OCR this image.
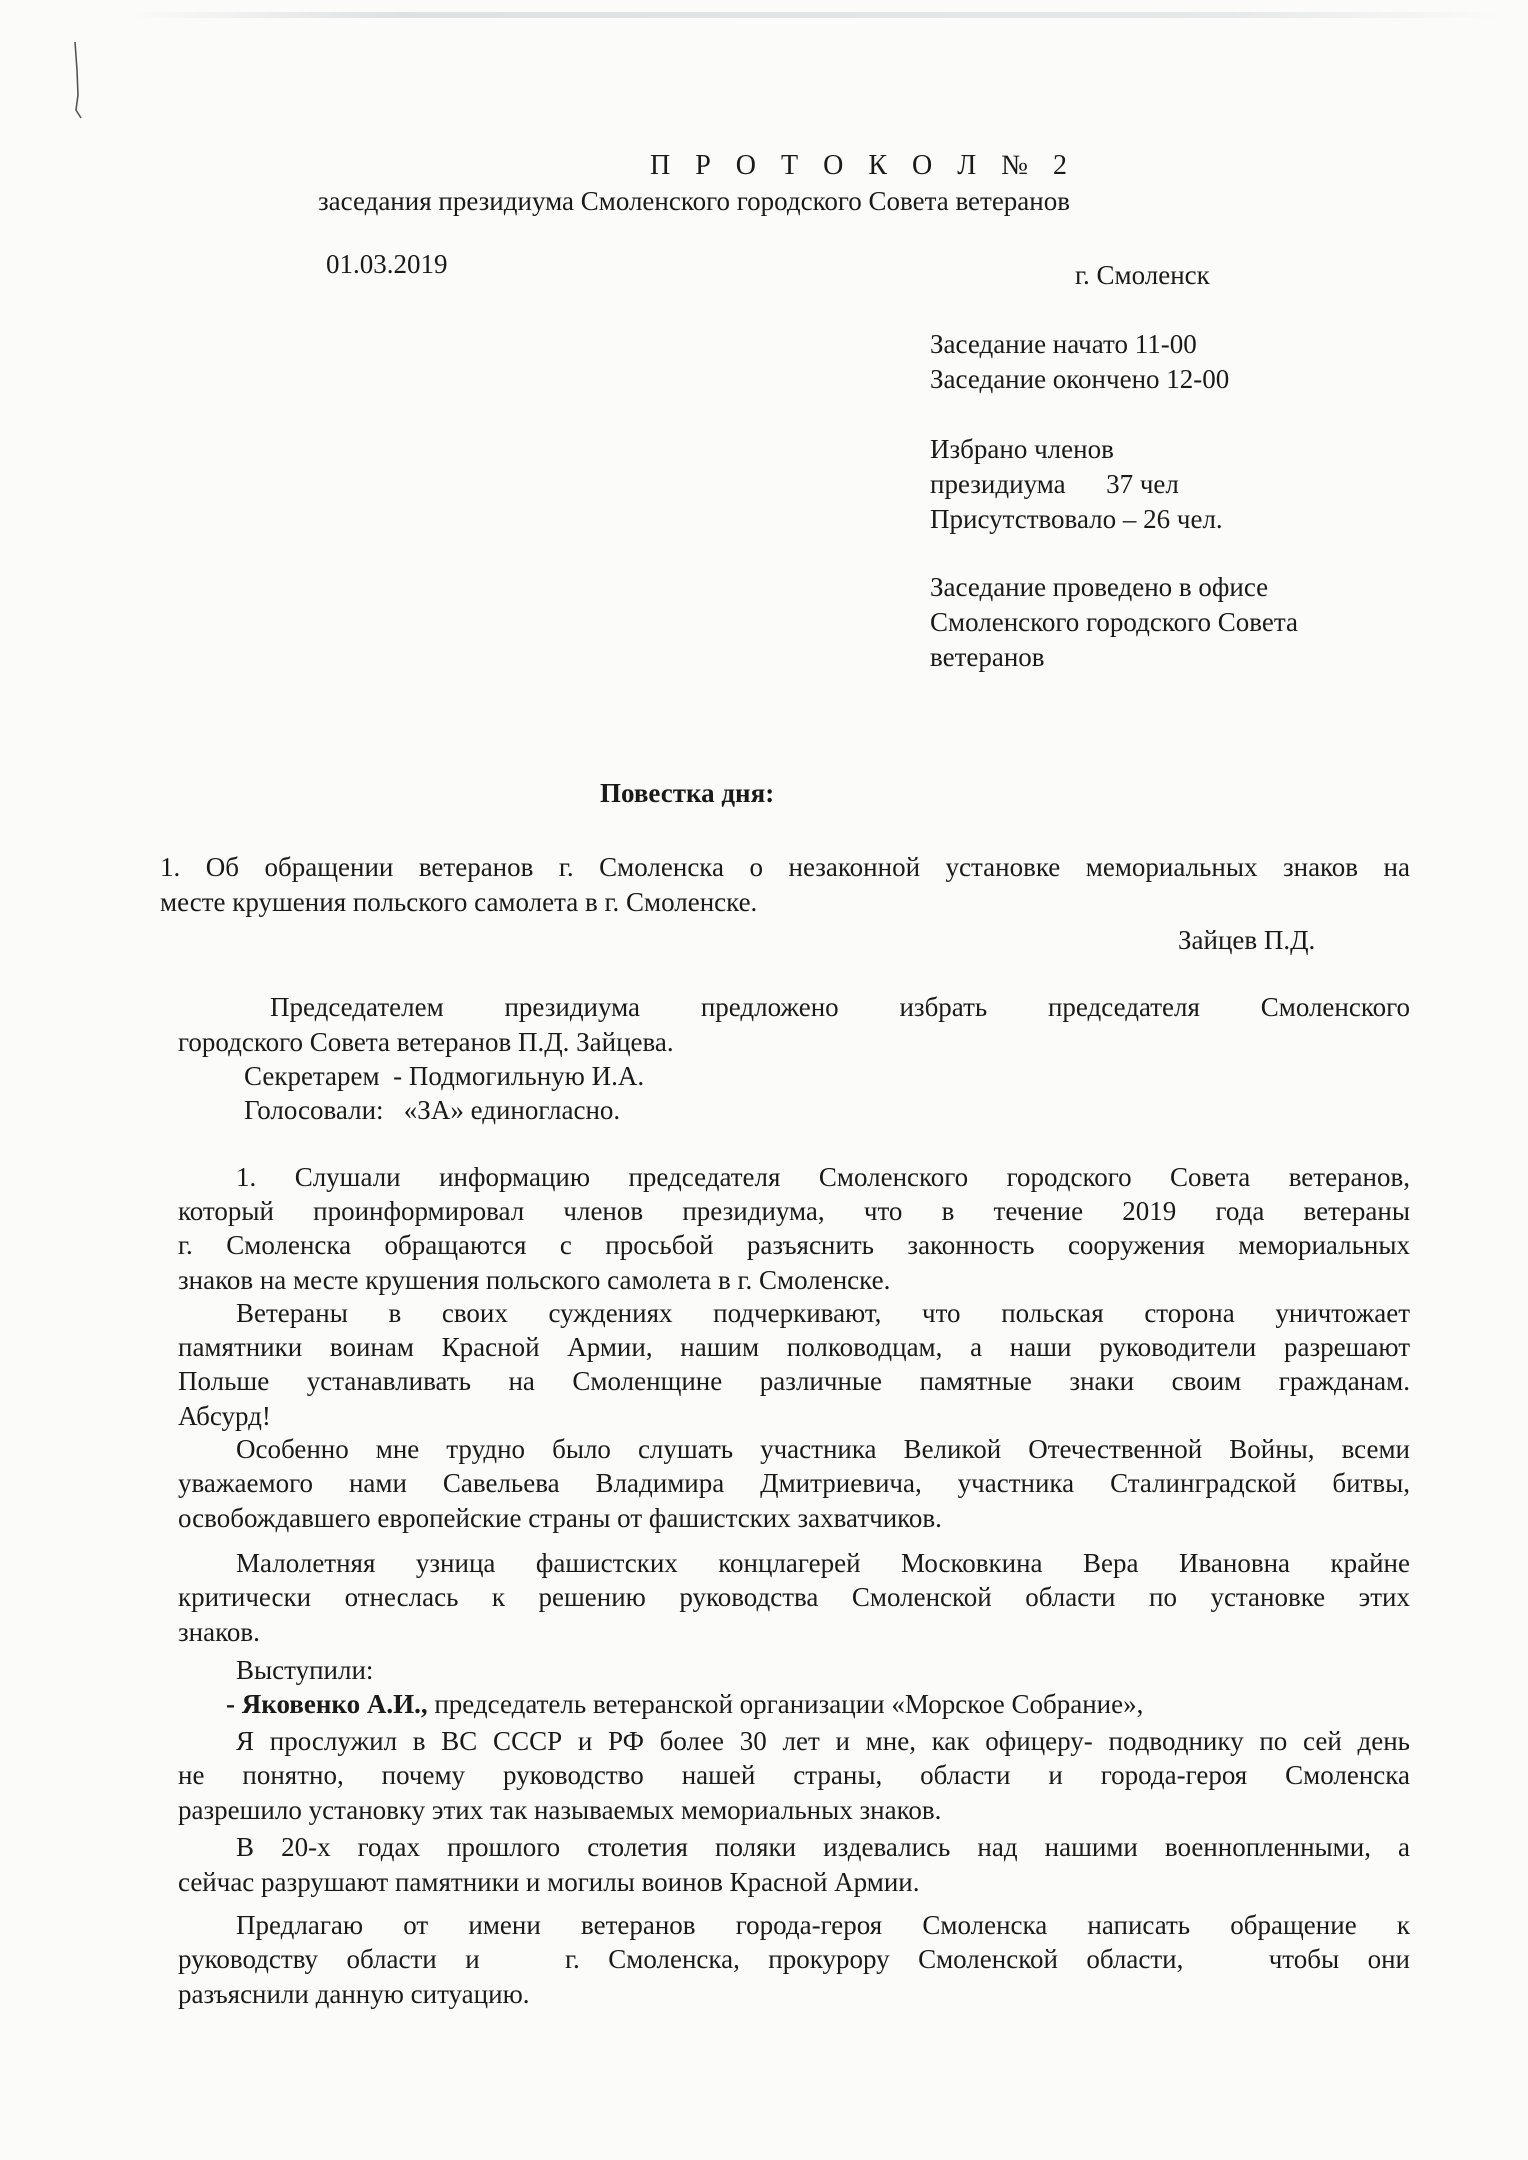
П Р О Т О К О Л № 2
заседания президиума Смоленского городского Совета ветеранов
01.03.2019	г. Смоленск
Заседание начато 11-00
Заседание окончено 12-00
Избрано членов
президиума      37 чел
Присутствовало – 26 чел.
Заседание проведено в офисе
Смоленского городского Совета
ветеранов
Повестка дня:
1. Об обращении ветеранов г. Смоленска о незаконной установке мемориальных знаков на
месте крушения польского самолета в г. Смоленске.
Зайцев П.Д.
Председателем президиума предложено избрать председателя Смоленского
городского Совета ветеранов П.Д. Зайцева.
Секретарем  - Подмогильную И.А.
Голосовали:   «ЗА» единогласно.
1. Слушали информацию председателя Смоленского городского Совета ветеранов,
который проинформировал членов президиума, что в течение 2019 года ветераны
г. Смоленска обращаются с просьбой разъяснить законность сооружения мемориальных
знаков на месте крушения польского самолета в г. Смоленске.
Ветераны в своих суждениях подчеркивают, что польская сторона уничтожает
памятники воинам Красной Армии, нашим полководцам, а наши руководители разрешают
Польше устанавливать на Смоленщине различные памятные знаки своим гражданам.
Абсурд!
Особенно мне трудно было слушать участника Великой Отечественной Войны, всеми
уважаемого нами Савельева Владимира Дмитриевича, участника Сталинградской битвы,
освобождавшего европейские страны от фашистских захватчиков.
Малолетняя узница фашистских концлагерей Московкина Вера Ивановна крайне
критически отнеслась к решению руководства Смоленской области по установке этих
знаков.
Выступили:
- Яковенко А.И., председатель ветеранской организации «Морское Собрание»,
Я прослужил в ВС СССР и РФ более 30 лет и мне, как офицеру- подводнику по сей день
не понятно, почему руководство нашей страны, области и города-героя Смоленска
разрешило установку этих так называемых мемориальных знаков.
В 20-х годах прошлого столетия поляки издевались над нашими военнопленными, а
сейчас разрушают памятники и могилы воинов Красной Армии.
Предлагаю от имени ветеранов города-героя Смоленска написать обращение к
руководству области и   г. Смоленска, прокурору Смоленской области,   чтобы они
разъяснили данную ситуацию.
